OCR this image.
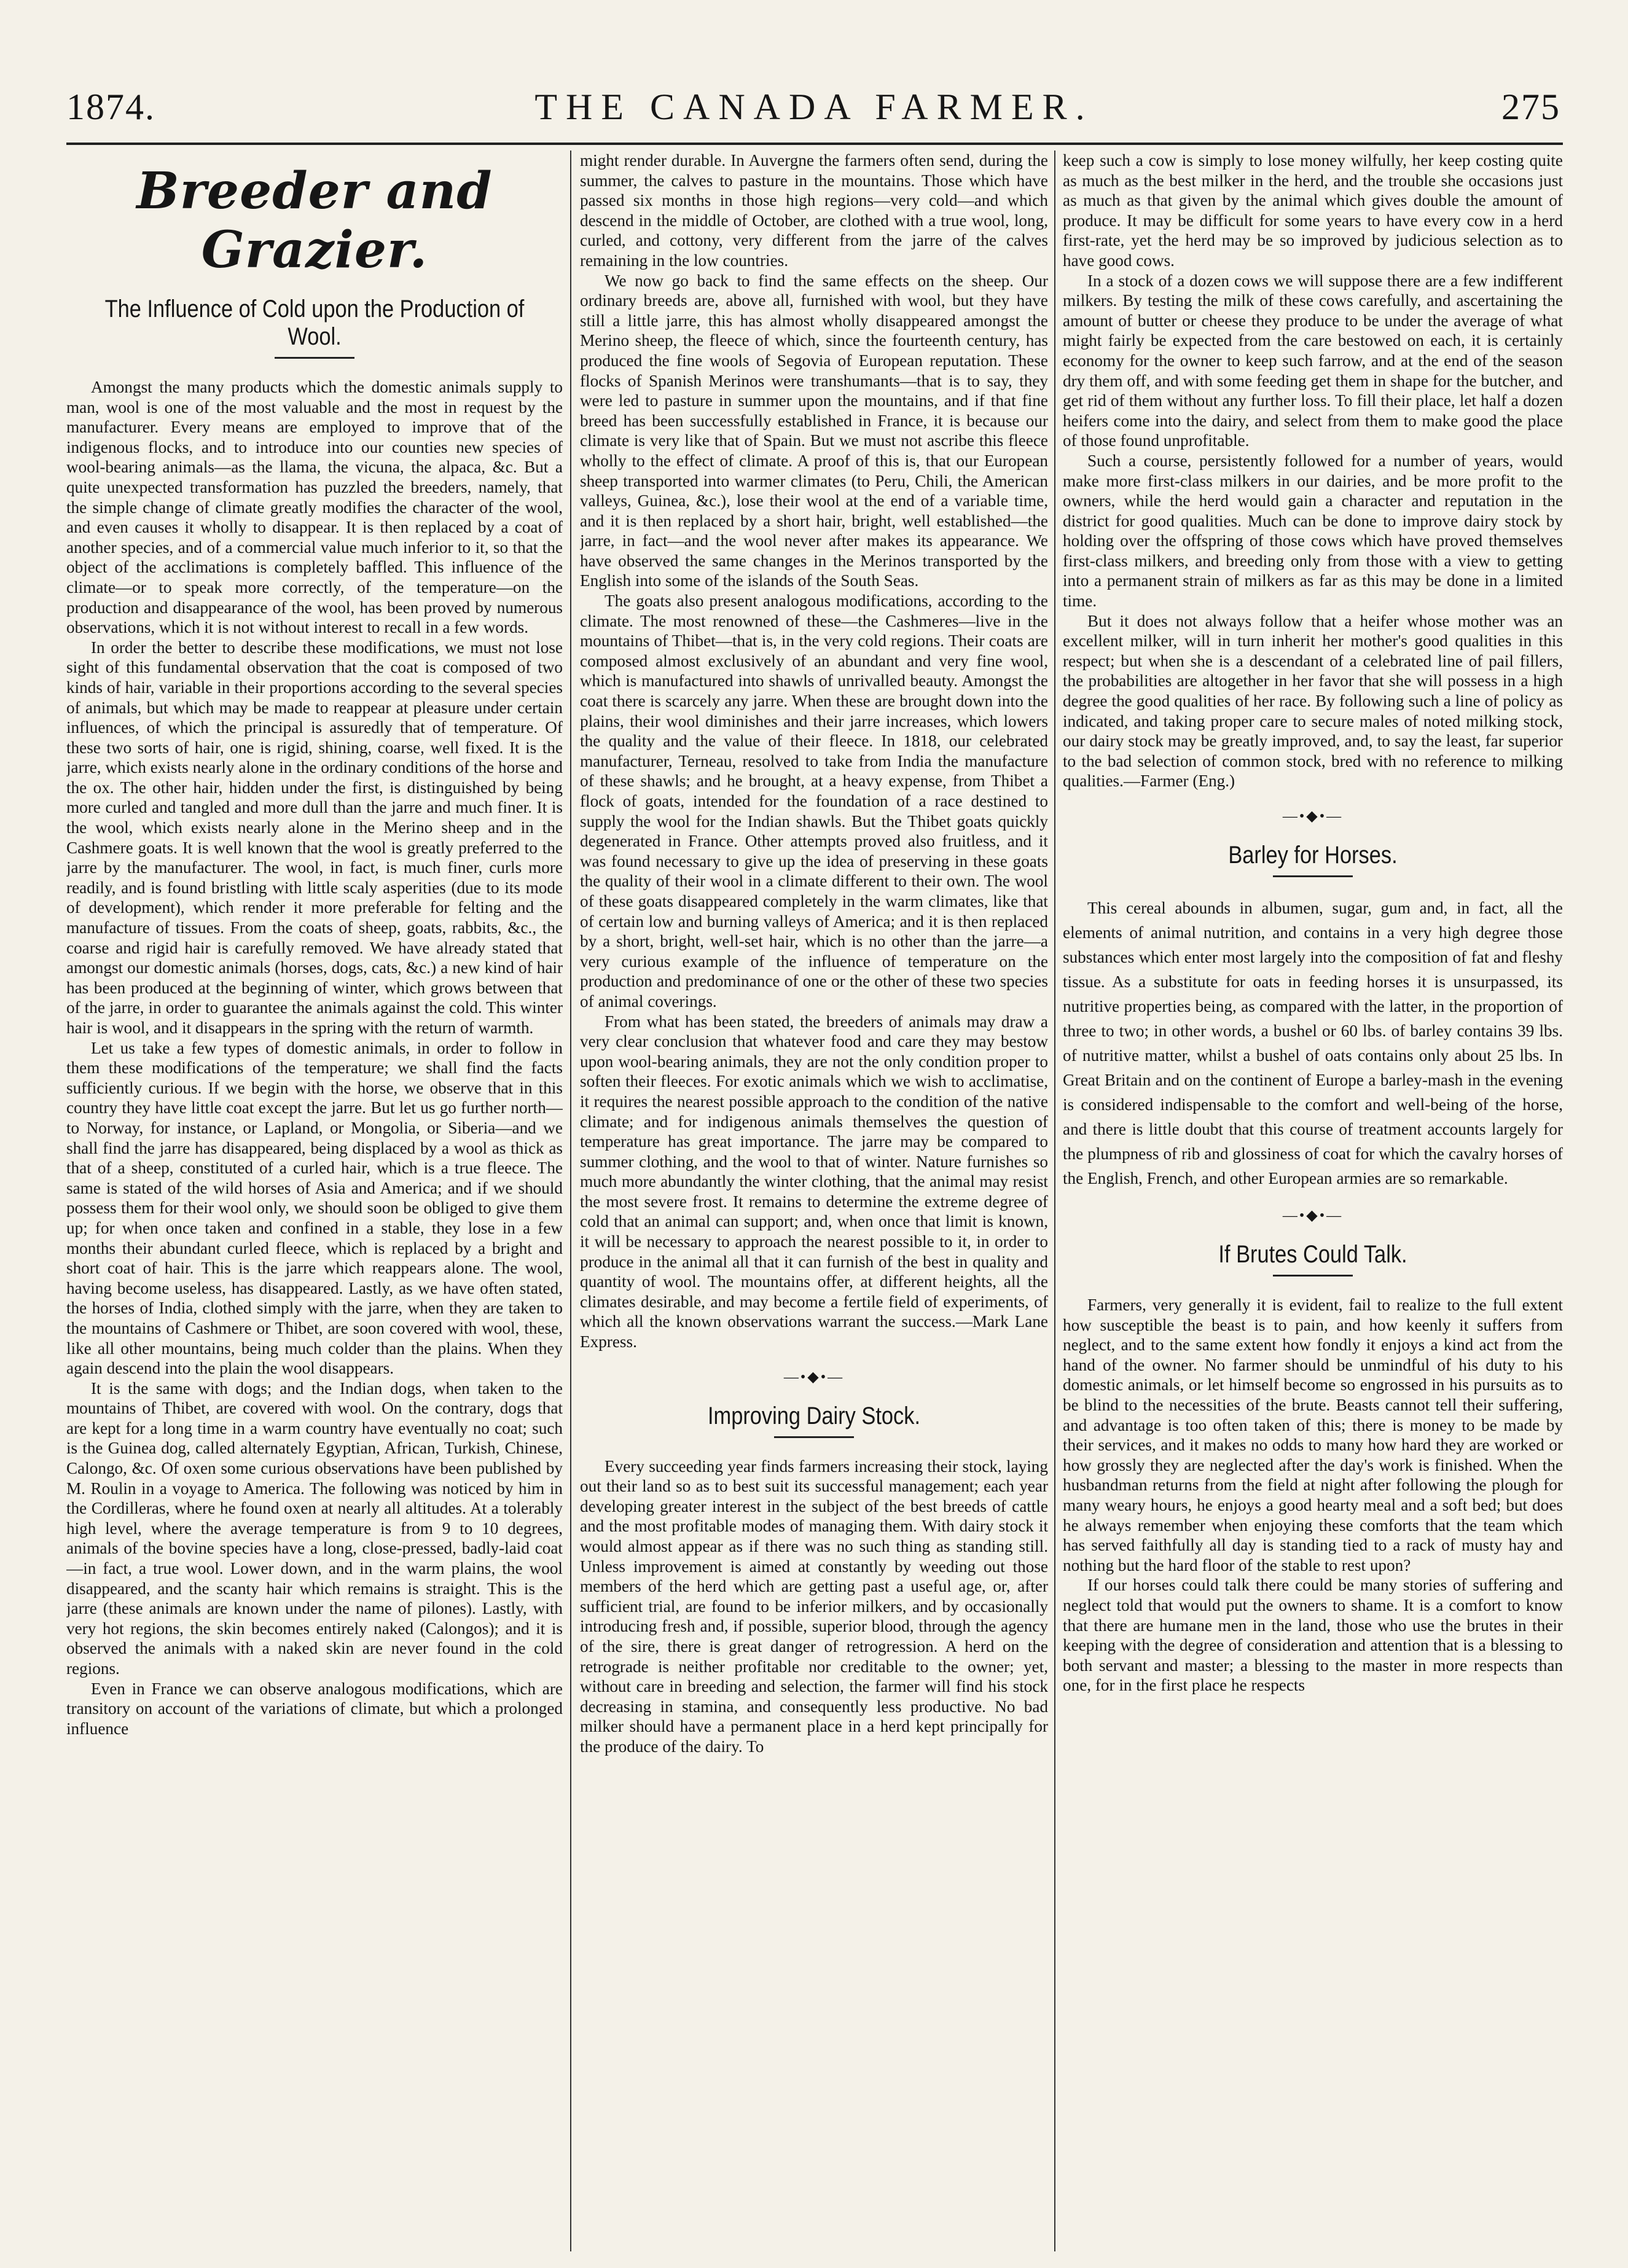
1874.	THE CANADA FARMER.	275
Breeder and Grazier.
The Influence of Cold upon the Production of Wool.

Amongst the many products which the domestic animals supply to man, wool is one of the most valuable and the most in request by the manufacturer. Every means are employed to improve that of the indigenous flocks, and to introduce into our counties new species of wool-bearing animals—as the llama, the vicuna, the alpaca, &c. But a quite unexpected transformation has puzzled the breeders, namely, that the simple change of climate greatly modifies the character of the wool, and even causes it wholly to disappear. It is then replaced by a coat of another species, and of a commercial value much inferior to it, so that the object of the acclimations is completely baffled. This influence of the climate—or to speak more correctly, of the temperature—on the production and disappearance of the wool, has been proved by numerous observations, which it is not without interest to recall in a few words.

In order the better to describe these modifications, we must not lose sight of this fundamental observation that the coat is composed of two kinds of hair, variable in their proportions according to the several species of animals, but which may be made to reappear at pleasure under certain influences, of which the principal is assuredly that of temperature. Of these two sorts of hair, one is rigid, shining, coarse, well fixed. It is the jarre, which exists nearly alone in the ordinary conditions of the horse and the ox. The other hair, hidden under the first, is distinguished by being more curled and tangled and more dull than the jarre and much finer. It is the wool, which exists nearly alone in the Merino sheep and in the Cashmere goats. It is well known that the wool is greatly preferred to the jarre by the manufacturer. The wool, in fact, is much finer, curls more readily, and is found bristling with little scaly asperities (due to its mode of development), which render it more preferable for felting and the manufacture of tissues. From the coats of sheep, goats, rabbits, &c., the coarse and rigid hair is carefully removed. We have already stated that amongst our domestic animals (horses, dogs, cats, &c.) a new kind of hair has been produced at the beginning of winter, which grows between that of the jarre, in order to guarantee the animals against the cold. This winter hair is wool, and it disappears in the spring with the return of warmth.

Let us take a few types of domestic animals, in order to follow in them these modifications of the temperature; we shall find the facts sufficiently curious. If we begin with the horse, we observe that in this country they have little coat except the jarre. But let us go further north—to Norway, for instance, or Lapland, or Mongolia, or Siberia—and we shall find the jarre has disappeared, being displaced by a wool as thick as that of a sheep, constituted of a curled hair, which is a true fleece. The same is stated of the wild horses of Asia and America; and if we should possess them for their wool only, we should soon be obliged to give them up; for when once taken and confined in a stable, they lose in a few months their abundant curled fleece, which is replaced by a bright and short coat of hair. This is the jarre which reappears alone. The wool, having become useless, has disappeared. Lastly, as we have often stated, the horses of India, clothed simply with the jarre, when they are taken to the mountains of Cashmere or Thibet, are soon covered with wool, these, like all other mountains, being much colder than the plains. When they again descend into the plain the wool disappears.

It is the same with dogs; and the Indian dogs, when taken to the mountains of Thibet, are covered with wool. On the contrary, dogs that are kept for a long time in a warm country have eventually no coat; such is the Guinea dog, called alternately Egyptian, African, Turkish, Chinese, Calongo, &c. Of oxen some curious observations have been published by M. Roulin in a voyage to America. The following was noticed by him in the Cordilleras, where he found oxen at nearly all altitudes. At a tolerably high level, where the average temperature is from 9 to 10 degrees, animals of the bovine species have a long, close-pressed, badly-laid coat—in fact, a true wool. Lower down, and in the warm plains, the wool disappeared, and the scanty hair which remains is straight. This is the jarre (these animals are known under the name of pilones). Lastly, with very hot regions, the skin becomes entirely naked (Calongos); and it is observed the animals with a naked skin are never found in the cold regions.

Even in France we can observe analogous modifications, which are transitory on account of the variations of climate, but which a prolonged influence

might render durable. In Auvergne the farmers often send, during the summer, the calves to pasture in the mountains. Those which have passed six months in those high regions—very cold—and which descend in the middle of October, are clothed with a true wool, long, curled, and cottony, very different from the jarre of the calves remaining in the low countries.

We now go back to find the same effects on the sheep. Our ordinary breeds are, above all, furnished with wool, but they have still a little jarre, this has almost wholly disappeared amongst the Merino sheep, the fleece of which, since the fourteenth century, has produced the fine wools of Segovia of European reputation. These flocks of Spanish Merinos were transhumants—that is to say, they were led to pasture in summer upon the mountains, and if that fine breed has been successfully established in France, it is because our climate is very like that of Spain. But we must not ascribe this fleece wholly to the effect of climate. A proof of this is, that our European sheep transported into warmer climates (to Peru, Chili, the American valleys, Guinea, &c.), lose their wool at the end of a variable time, and it is then replaced by a short hair, bright, well established—the jarre, in fact—and the wool never after makes its appearance. We have observed the same changes in the Merinos transported by the English into some of the islands of the South Seas.

The goats also present analogous modifications, according to the climate. The most renowned of these—the Cashmeres—live in the mountains of Thibet—that is, in the very cold regions. Their coats are composed almost exclusively of an abundant and very fine wool, which is manufactured into shawls of unrivalled beauty. Amongst the coat there is scarcely any jarre. When these are brought down into the plains, their wool diminishes and their jarre increases, which lowers the quality and the value of their fleece. In 1818, our celebrated manufacturer, Terneau, resolved to take from India the manufacture of these shawls; and he brought, at a heavy expense, from Thibet a flock of goats, intended for the foundation of a race destined to supply the wool for the Indian shawls. But the Thibet goats quickly degenerated in France. Other attempts proved also fruitless, and it was found necessary to give up the idea of preserving in these goats the quality of their wool in a climate different to their own. The wool of these goats disappeared completely in the warm climates, like that of certain low and burning valleys of America; and it is then replaced by a short, bright, well-set hair, which is no other than the jarre—a very curious example of the influence of temperature on the production and predominance of one or the other of these two species of animal coverings.

From what has been stated, the breeders of animals may draw a very clear conclusion that whatever food and care they may bestow upon wool-bearing animals, they are not the only condition proper to soften their fleeces. For exotic animals which we wish to acclimatise, it requires the nearest possible approach to the condition of the native climate; and for indigenous animals themselves the question of temperature has great importance. The jarre may be compared to summer clothing, and the wool to that of winter. Nature furnishes so much more abundantly the winter clothing, that the animal may resist the most severe frost. It remains to determine the extreme degree of cold that an animal can support; and, when once that limit is known, it will be necessary to approach the nearest possible to it, in order to produce in the animal all that it can furnish of the best in quality and quantity of wool. The mountains offer, at different heights, all the climates desirable, and may become a fertile field of experiments, of which all the known observations warrant the success.—Mark Lane Express.

—•◆•—
Improving Dairy Stock.

Every succeeding year finds farmers increasing their stock, laying out their land so as to best suit its successful management; each year developing greater interest in the subject of the best breeds of cattle and the most profitable modes of managing them. With dairy stock it would almost appear as if there was no such thing as standing still. Unless improvement is aimed at constantly by weeding out those members of the herd which are getting past a useful age, or, after sufficient trial, are found to be inferior milkers, and by occasionally introducing fresh and, if possible, superior blood, through the agency of the sire, there is great danger of retrogression. A herd on the retrograde is neither profitable nor creditable to the owner; yet, without care in breeding and selection, the farmer will find his stock decreasing in stamina, and consequently less productive. No bad milker should have a permanent place in a herd kept principally for the produce of the dairy. To

keep such a cow is simply to lose money wilfully, her keep costing quite as much as the best milker in the herd, and the trouble she occasions just as much as that given by the animal which gives double the amount of produce. It may be difficult for some years to have every cow in a herd first-rate, yet the herd may be so improved by judicious selection as to have good cows.

In a stock of a dozen cows we will suppose there are a few indifferent milkers. By testing the milk of these cows carefully, and ascertaining the amount of butter or cheese they produce to be under the average of what might fairly be expected from the care bestowed on each, it is certainly economy for the owner to keep such farrow, and at the end of the season dry them off, and with some feeding get them in shape for the butcher, and get rid of them without any further loss. To fill their place, let half a dozen heifers come into the dairy, and select from them to make good the place of those found unprofitable.

Such a course, persistently followed for a number of years, would make more first-class milkers in our dairies, and be more profit to the owners, while the herd would gain a character and reputation in the district for good qualities. Much can be done to improve dairy stock by holding over the offspring of those cows which have proved themselves first-class milkers, and breeding only from those with a view to getting into a permanent strain of milkers as far as this may be done in a limited time.

But it does not always follow that a heifer whose mother was an excellent milker, will in turn inherit her mother's good qualities in this respect; but when she is a descendant of a celebrated line of pail fillers, the probabilities are altogether in her favor that she will possess in a high degree the good qualities of her race. By following such a line of policy as indicated, and taking proper care to secure males of noted milking stock, our dairy stock may be greatly improved, and, to say the least, far superior to the bad selection of common stock, bred with no reference to milking qualities.—Farmer (Eng.)

—•◆•—
Barley for Horses.

This cereal abounds in albumen, sugar, gum and, in fact, all the elements of animal nutrition, and contains in a very high degree those substances which enter most largely into the composition of fat and fleshy tissue. As a substitute for oats in feeding horses it is unsurpassed, its nutritive properties being, as compared with the latter, in the proportion of three to two; in other words, a bushel or 60 lbs. of barley contains 39 lbs. of nutritive matter, whilst a bushel of oats contains only about 25 lbs. In Great Britain and on the continent of Europe a barley-mash in the evening is considered indispensable to the comfort and well-being of the horse, and there is little doubt that this course of treatment accounts largely for the plumpness of rib and glossiness of coat for which the cavalry horses of the English, French, and other European armies are so remarkable.

—•◆•—
If Brutes Could Talk.

Farmers, very generally it is evident, fail to realize to the full extent how susceptible the beast is to pain, and how keenly it suffers from neglect, and to the same extent how fondly it enjoys a kind act from the hand of the owner. No farmer should be unmindful of his duty to his domestic animals, or let himself become so engrossed in his pursuits as to be blind to the necessities of the brute. Beasts cannot tell their suffering, and advantage is too often taken of this; there is money to be made by their services, and it makes no odds to many how hard they are worked or how grossly they are neglected after the day's work is finished. When the husbandman returns from the field at night after following the plough for many weary hours, he enjoys a good hearty meal and a soft bed; but does he always remember when enjoying these comforts that the team which has served faithfully all day is standing tied to a rack of musty hay and nothing but the hard floor of the stable to rest upon?

If our horses could talk there could be many stories of suffering and neglect told that would put the owners to shame. It is a comfort to know that there are humane men in the land, those who use the brutes in their keeping with the degree of consideration and attention that is a blessing to both servant and master; a blessing to the master in more respects than one, for in the first place he respects
